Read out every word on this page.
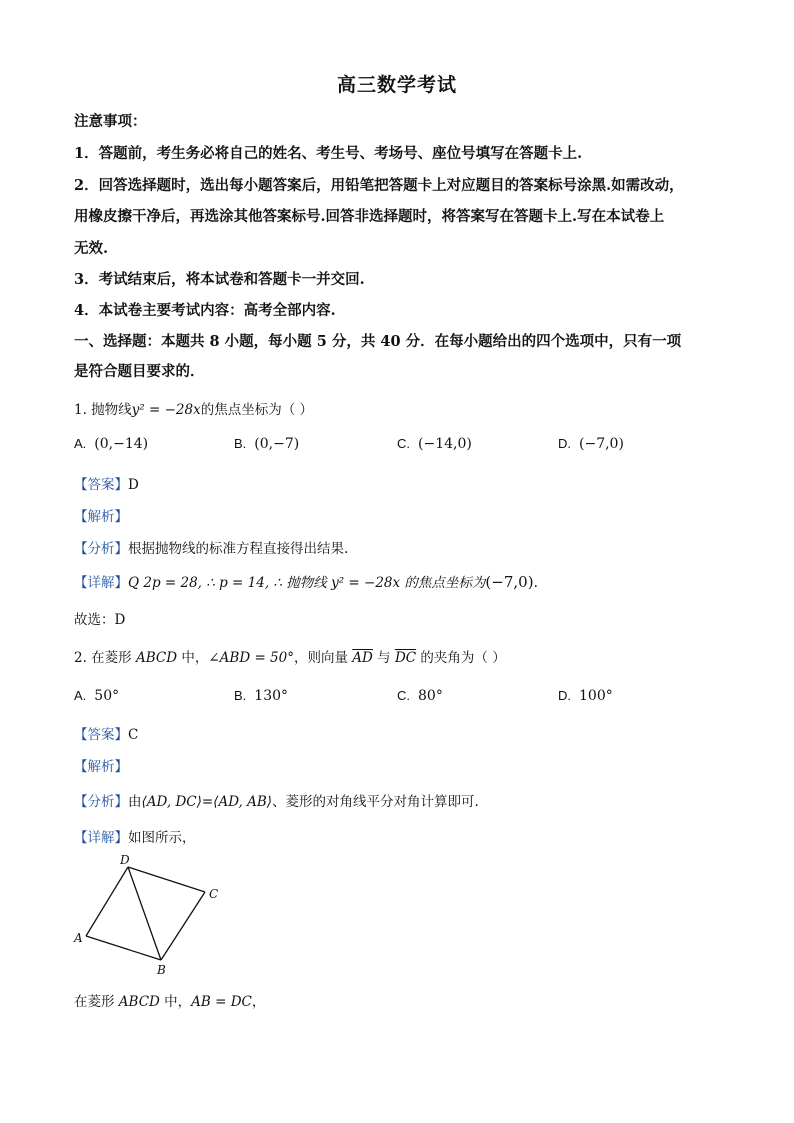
高三数学考试
注意事项：
1．答题前，考生务必将自己的姓名、考生号、考场号、座位号填写在答题卡上.
2．回答选择题时，选出每小题答案后，用铅笔把答题卡上对应题目的答案标号涂黑.如需改动，
用橡皮擦干净后，再选涂其他答案标号.回答非选择题时，将答案写在答题卡上.写在本试卷上
无效.
3．考试结束后，将本试卷和答题卡一并交回.
4．本试卷主要考试内容：高考全部内容.
一、选择题：本题共 8 小题，每小题 5 分，共 40 分．在每小题给出的四个选项中，只有一项
是符合题目要求的．
1. 抛物线y² = −28x的焦点坐标为（ ）
A. (0,−14)	B. (0,−7)	C. (−14,0)	D. (−7,0)
【答案】D
【解析】
【分析】根据抛物线的标准方程直接得出结果.
【详解】Q 2p = 28, ∴ p = 14, ∴ 抛物线 y² = −28x 的焦点坐标为(−7,0).
故选：D
2. 在菱形 ABCD 中，∠ABD = 50°，则向量 $\overline{AD}$ 与 $\overline{DC}$ 的夹角为（ ）
A. 50°	B. 130°	C. 80°	D. 100°
【答案】C
【解析】
【分析】由⟨AD, DC⟩=⟨AD, AB⟩、菱形的对角线平分对角计算即可.
【详解】如图所示，
D
C
A
B
在菱形 ABCD 中，AB = DC，
